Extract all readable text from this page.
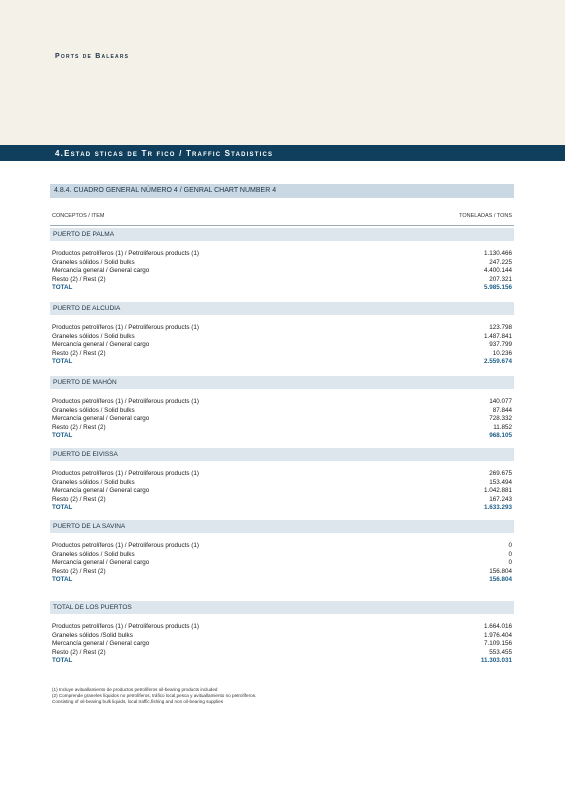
Ports de Balears
4.Estad sticas de Tr fico / Traffic Stadistics
4.8.4. CUADRO GENERAL NÚMERO 4 / GENRAL CHART NUMBER 4
CONCEPTOS / ITEM	TONELADAS / TONS
PUERTO DE PALMA
Productos petrolíferos (1) / Petroliferous products (1)	1.130.466
Graneles sólidos / Solid bulks	247.225
Mercancía general / General cargo	4.400.144
Resto (2) / Rest (2)	207.321
TOTAL	5.985.156
PUERTO DE ALCUDIA
Productos petrolíferos (1) / Petroliferous products (1)	123.798
Graneles sólidos / Solid bulks	1.487.841
Mercancía general / General cargo	937.799
Resto (2) / Rest (2)	10.236
TOTAL	2.559.674
PUERTO DE MAHÓN
Productos petrolíferos (1) / Petroliferous products (1)	140.077
Graneles sólidos / Solid bulks	87.844
Mercancía general / General cargo	728.332
Resto (2) / Rest (2)	11.852
TOTAL	968.105
PUERTO DE EIVISSA
Productos petrolíferos (1) / Petroliferous products (1)	269.675
Graneles sólidos / Solid bulks	153.494
Mercancía general / General cargo	1.042.881
Resto (2) / Rest (2)	167.243
TOTAL	1.633.293
PUERTO DE LA SAVINA
Productos petrolíferos (1) / Petroliferous products (1)	0
Graneles sólidos / Solid bulks	0
Mercancía general / General cargo	0
Resto (2) / Rest (2)	156.804
TOTAL	156.804
TOTAL DE LOS PUERTOS
Productos petrolíferos (1) / Petroliferous products (1)	1.664.016
Graneles sólidos /Solid bulks	1.976.404
Mercancía general / General cargo	7.109.156
Resto (2) / Rest (2)	553.455
TOTAL	11.303.031
(1) Incluye avituallamiento de productos petrolíferos oil-bearing products included
(2) Comprende graneles líquidos no petrolíferos, tráfico local,pesca y avituallamiento no petrolíferos.
Consisting of oil-bearing bulk liquids, local traffic,fishing and non oil-bearing supplies
